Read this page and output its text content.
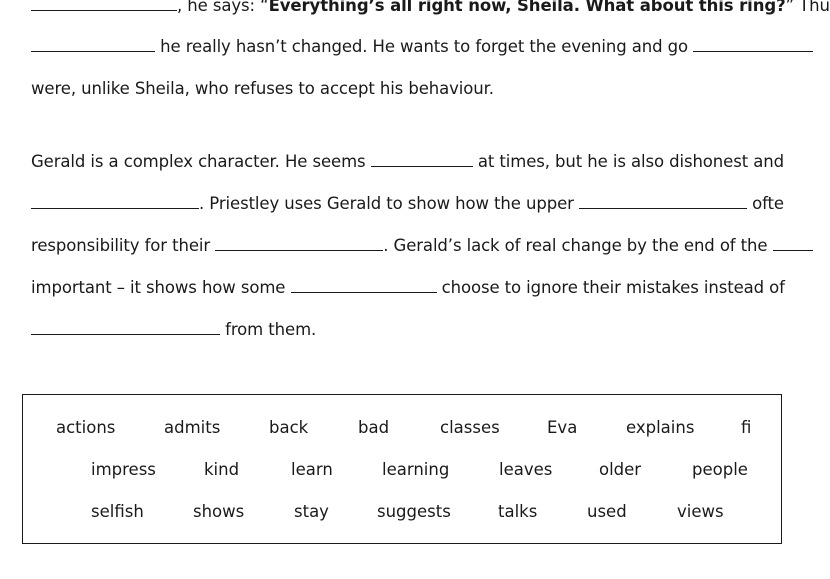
, he says: “Everything’s all right now, Sheila. What about this ring?” Thu
he really hasn’t changed. He wants to forget the evening and go
were, unlike Sheila, who refuses to accept his behaviour.
Gerald is a complex character. He seems	at times, but he is also dishonest and
. Priestley uses Gerald to show how the upper	ofte
responsibility for their	. Gerald’s lack of real change by the end of the
important – it shows how some	choose to ignore their mistakes instead of
from them.
actions	admits	back	bad	classes	Eva	explains	fi
impress	kind	learn	learning	leaves	older	people
selfish	shows	stay	suggests	talks	used	views
